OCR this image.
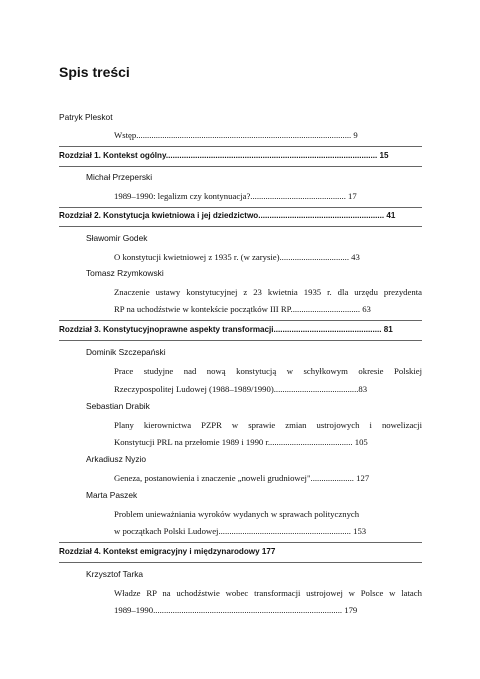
Spis treści
Patryk Pleskot
Wstęp................................................................................................... 9
Rozdział 1. Kontekst ogólny.............................................................................................. 15
Michał Przeperski
1989–1990: legalizm czy kontynuacja?............................................ 17
Rozdział 2. Konstytucja kwietniowa i jej dziedzictwo........................................................ 41
Sławomir Godek
O konstytucji kwietniowej z 1935 r. (w zarysie)................................ 43
Tomasz Rzymkowski
Znaczenie ustawy konstytucyjnej z 23 kwietnia 1935 r. dla urzędu prezydenta
RP na uchodźstwie w kontekście początków III RP................................ 63
Rozdział 3. Konstytucyjnoprawne aspekty transformacji................................................ 81
Dominik Szczepański
Prace studyjne nad nową konstytucją w schyłkowym okresie Polskiej
Rzeczypospolitej Ludowej (1988–1989/1990).......................................83
Sebastian Drabik
Plany kierownictwa PZPR w sprawie zmian ustrojowych i nowelizacji
Konstytucji PRL na przełomie 1989 i 1990 r....................................... 105
Arkadiusz Nyzio
Geneza, postanowienia i znaczenie „noweli grudniowej".................... 127
Marta Paszek
Problem unieważniania wyroków wydanych w sprawach politycznych
w początkach Polski Ludowej............................................................. 153
Rozdział 4. Kontekst emigracyjny i międzynarodowy 177
Krzysztof Tarka
Władze RP na uchodźstwie wobec transformacji ustrojowej w Polsce w latach
1989–1990....................................................................................... 179
